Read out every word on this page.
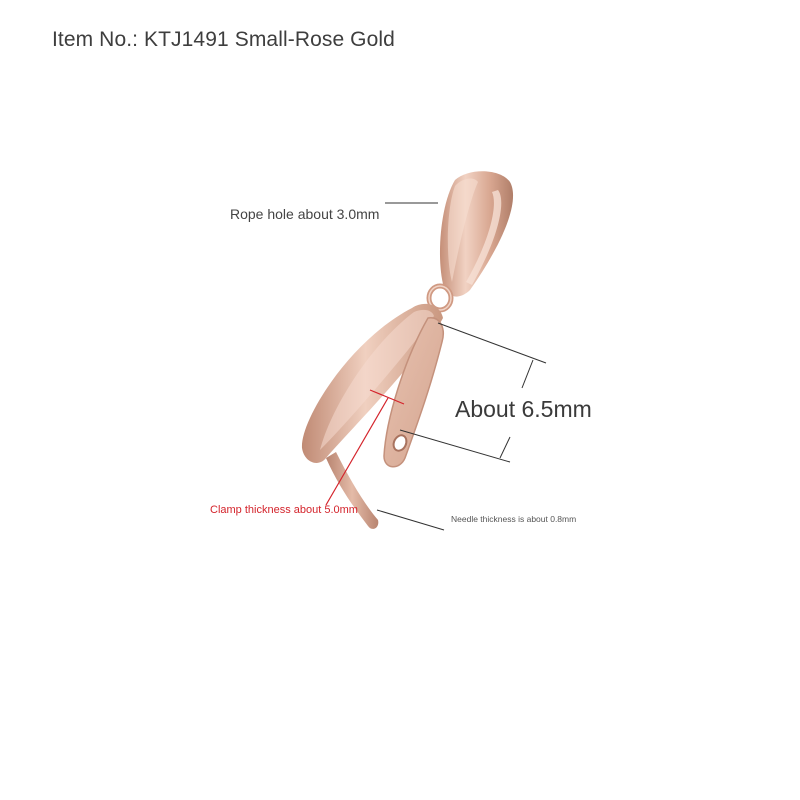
Item No.: KTJ1491 Small-Rose Gold
Rope hole about 3.0mm
About 6.5mm
Clamp thickness about 5.0mm
Needle thickness is about 0.8mm
